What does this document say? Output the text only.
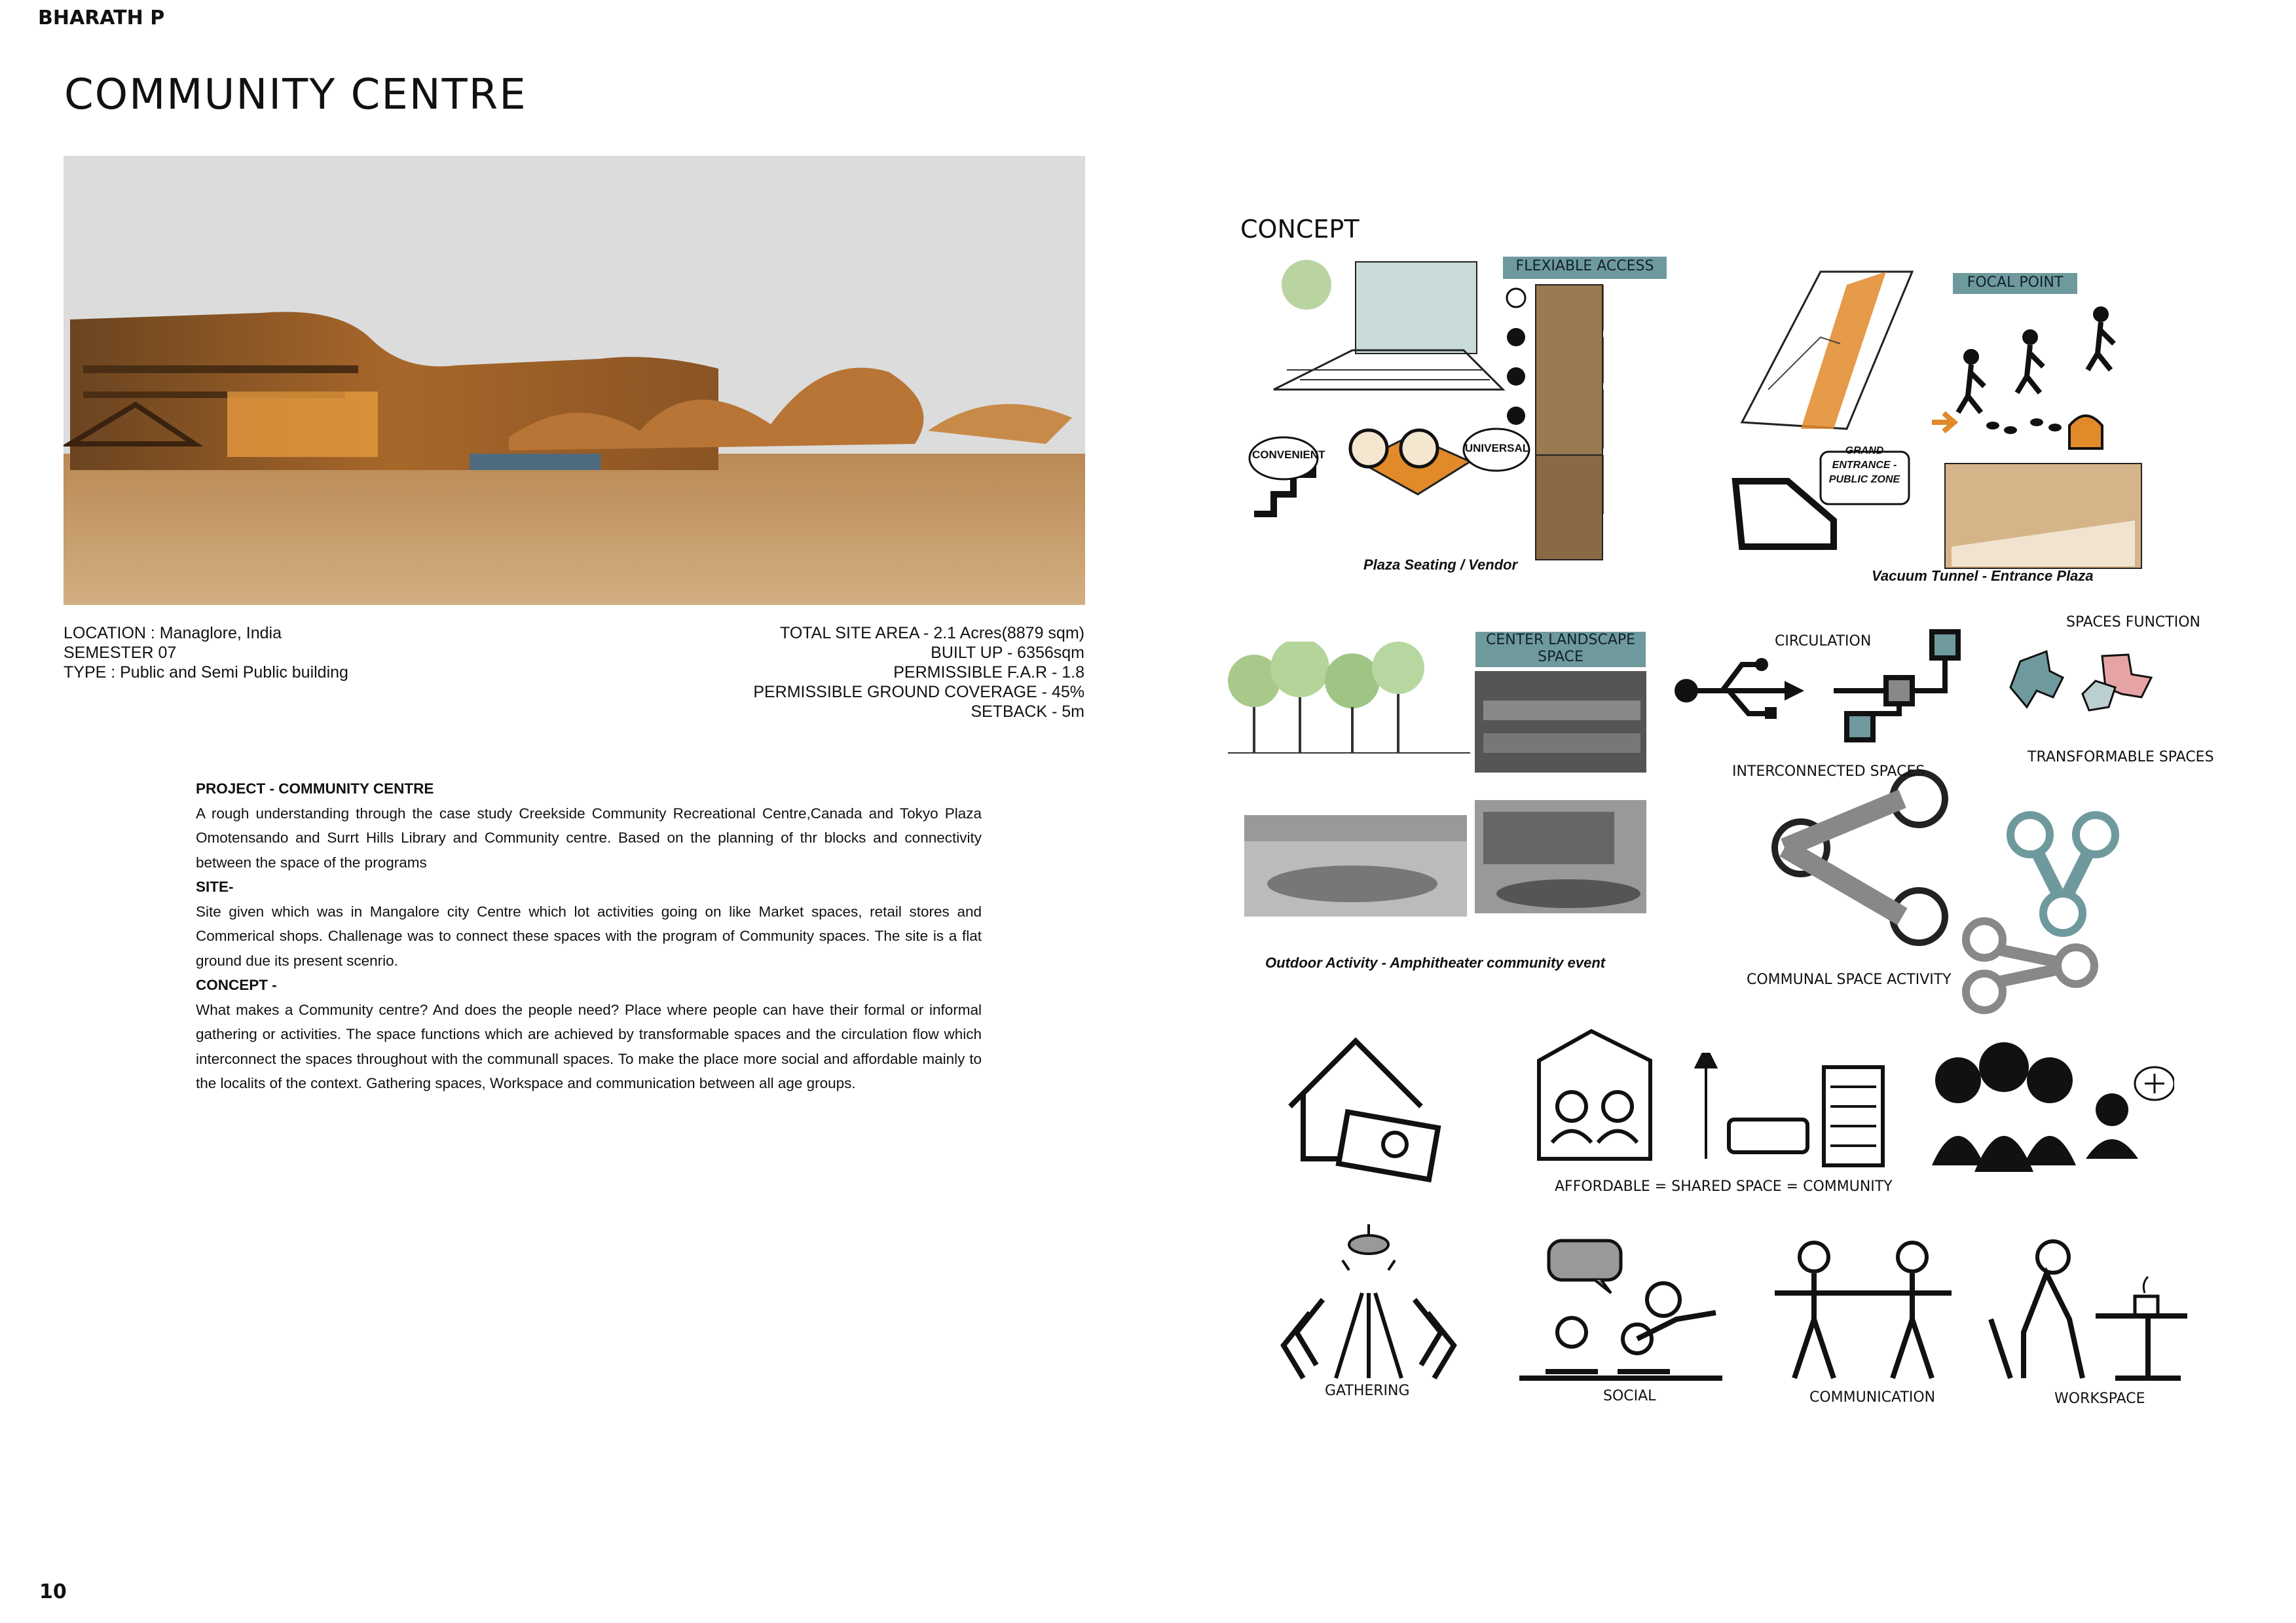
BHARATH P
COMMUNITY CENTRE
LOCATION : Managlore, India
SEMESTER 07
TYPE : Public and Semi Public building
TOTAL SITE AREA - 2.1 Acres(8879 sqm)
BUILT UP - 6356sqm
PERMISSIBLE F.A.R - 1.8
PERMISSIBLE GROUND COVERAGE - 45%
SETBACK - 5m
PROJECT - COMMUNITY CENTRE
A rough understanding through the case study Creekside Community Recreational Centre,Canada and Tokyo Plaza Omotensando and Surrt Hills Library and Community centre. Based on the planning of thr blocks and connectivity between the space of the programs
SITE-
Site given which was in Mangalore city Centre which lot activities going on like Market spaces, retail stores and Commerical shops. Challenage was to connect these spaces with the program of Community spaces. The site is a flat ground due its present scenrio.
CONCEPT -
What makes a Community centre? And does the people need? Place where people can have their formal or informal gathering or activities. The space functions which are achieved by transformable spaces and the circulation flow which interconnect the spaces throughout with the communall spaces. To make the place more social and affordable mainly to the localits of the context. Gathering spaces, Workspace and communication between all age groups.
CONCEPT
FLEXIABLE ACCESS
CONVENIENT
UNIVERSAL
Plaza Seating / Vendor
FOCAL POINT
GRAND ENTRANCE -PUBLIC ZONE
Vacuum Tunnel - Entrance Plaza
CENTER LANDSCAPE SPACE
Outdoor Activity - Amphitheater community event
CIRCULATION
INTERCONNECTED SPACES
SPACES FUNCTION
TRANSFORMABLE SPACES
COMMUNAL SPACE ACTIVITY
AFFORDABLE = SHARED SPACE = COMMUNITY
GATHERING	SOCIAL	COMMUNICATION	WORKSPACE
10
